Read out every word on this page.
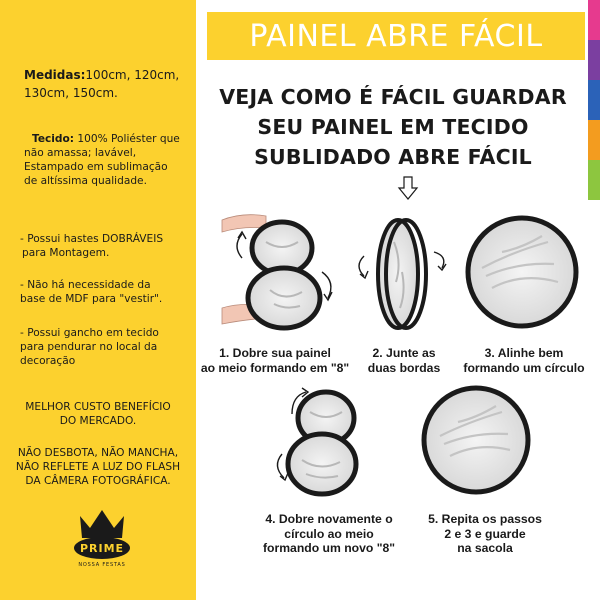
Medidas:100cm, 120cm,
130cm, 150cm.
Tecido: 100% Poliéster que
não amassa; lavável,
Estampado em sublimação
de altíssima qualidade.
- Possui hastes DOBRÁVEIS
para Montagem.
- Não há necessidade da
base de MDF para "vestir".
- Possui gancho em tecido
para pendurar no local da
decoração
MELHOR CUSTO BENEFÍCIO
DO MERCADO.
NÃO DESBOTA, NÃO MANCHA,
NÃO REFLETE A LUZ DO FLASH
DA CÂMERA FOTOGRÁFICA.
PRIME
NOSSA FESTAS
PAINEL ABRE FÁCIL
VEJA COMO É FÁCIL GUARDAR
SEU PAINEL EM TECIDO
SUBLIDADO ABRE FÁCIL
1. Dobre sua painel
ao meio formando em "8"
2. Junte as
duas bordas
3. Alinhe bem
formando um círculo
4. Dobre novamente o
círculo ao meio
formando um novo "8"
5. Repita os passos
2 e 3 e guarde
na sacola
